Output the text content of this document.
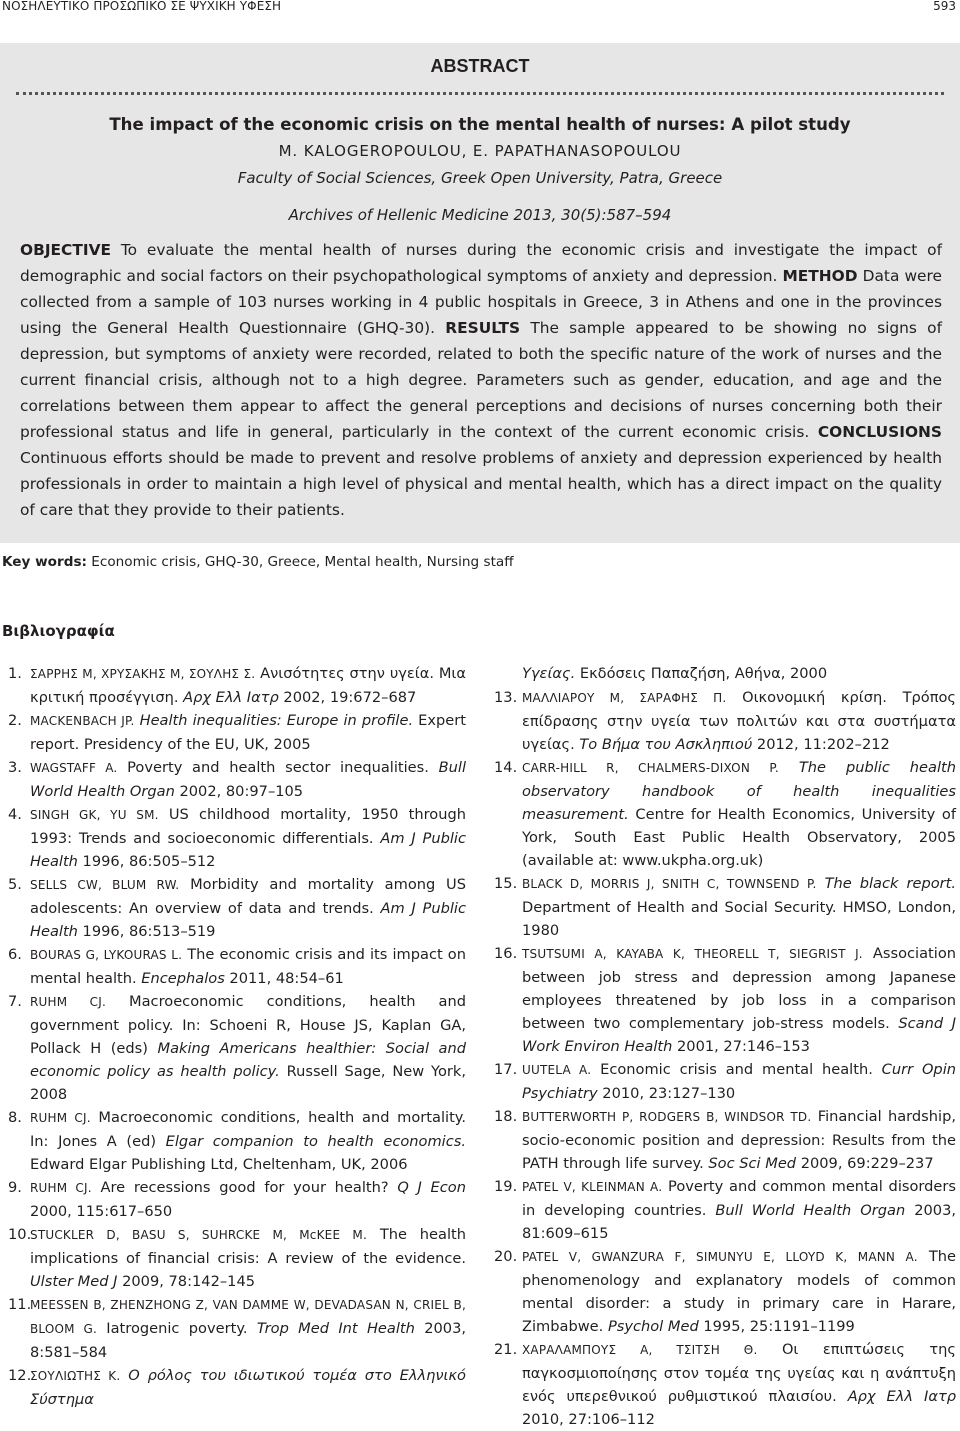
ΝΟΣΗΛΕΥΤΙΚΟ ΠΡΟΣΩΠΙΚΟ ΣΕ ΨΥΧΙΚΗ ΥΦΕΣΗ	593
ABSTRACT
The impact of the economic crisis on the mental health of nurses: A pilot study
M. KALOGEROPOULOU, E. PAPATHANASOPOULOU
Faculty of Social Sciences, Greek Open University, Patra, Greece
Archives of Hellenic Medicine 2013, 30(5):587–594

OBJECTIVE To evaluate the mental health of nurses during the economic crisis and investigate the impact of demographic and social factors on their psychopathological symptoms of anxiety and depression. METHOD Data were collected from a sample of 103 nurses working in 4 public hospitals in Greece, 3 in Athens and one in the provinces using the General Health Questionnaire (GHQ-30). RESULTS The sample appeared to be showing no signs of depression, but symptoms of anxiety were recorded, related to both the specific nature of the work of nurses and the current financial crisis, although not to a high degree. Parameters such as gender, education, and age and the correlations between them appear to affect the general perceptions and decisions of nurses concerning both their professional status and life in general, particularly in the context of the current economic crisis. CONCLUSIONS Continuous efforts should be made to prevent and resolve problems of anxiety and depression experienced by health professionals in order to maintain a high level of physical and mental health, which has a direct impact on the quality of care that they provide to their patients.

Key words: Economic crisis, GHQ-30, Greece, Mental health, Nursing staff
Βιβλιογραφία
1. ΣΑΡΡΗΣ Μ, ΧΡΥΣΑΚΗΣ Μ, ΣΟΥΛΗΣ Σ. Ανισότητες στην υγεία. Μια κριτική προσέγγιση. Αρχ Ελλ Ιατρ 2002, 19:672–687
2. MACKENBACH JP. Health inequalities: Europe in profile. Expert report. Presidency of the EU, UK, 2005
3. WAGSTAFF A. Poverty and health sector inequalities. Bull World Health Organ 2002, 80:97–105
4. SINGH GK, YU SM. US childhood mortality, 1950 through 1993: Trends and socioeconomic differentials. Am J Public Health 1996, 86:505–512
5. SELLS CW, BLUM RW. Morbidity and mortality among US adolescents: An overview of data and trends. Am J Public Health 1996, 86:513–519
6. BOURAS G, LYKOURAS L. The economic crisis and its impact on mental health. Encephalos 2011, 48:54–61
7. RUHM CJ. Macroeconomic conditions, health and government policy. In: Schoeni R, House JS, Kaplan GA, Pollack H (eds) Making Americans healthier: Social and economic policy as health policy. Russell Sage, New York, 2008
8. RUHM CJ. Macroeconomic conditions, health and mortality. In: Jones A (ed) Elgar companion to health economics. Edward Elgar Publishing Ltd, Cheltenham, UK, 2006
9. RUHM CJ. Are recessions good for your health? Q J Econ 2000, 115:617–650
10.
STUCKLER D, BASU S, SUHRCKE M, McKEE M. The health implications of financial crisis: A review of the evidence. Ulster Med J 2009, 78:142–145
11.
MEESSEN B, ZHENZHONG Z, VAN DAMME W, DEVADASAN N, CRIEL B, BLOOM G. Iatrogenic poverty. Trop Med Int Health 2003, 8:581–584
12.
ΣΟΥΛΙΩΤΗΣ Κ. Ο ρόλος του ιδιωτικού τομέα στο Ελληνικό Σύστημα
Υγείας. Εκδόσεις Παπαζήση, Αθήνα, 2000
13. ΜΑΛΛΙΑΡΟΥ Μ, ΣΑΡΑΦΗΣ Π. Οικονομική κρίση. Τρόπος επίδρασης στην υγεία των πολιτών και στα συστήματα υγείας. Το Βήμα του Ασκληπιού 2012, 11:202–212
14. CARR-HILL R, CHALMERS-DIXON P. The public health observatory handbook of health inequalities measurement. Centre for Health Economics, University of York, South East Public Health Observatory, 2005 (available at: www.ukpha.org.uk)
15. BLACK D, MORRIS J, SNITH C, TOWNSEND P. The black report. Department of Health and Social Security. HMSO, London, 1980
16. TSUTSUMI A, KAYABA K, THEORELL T, SIEGRIST J. Association between job stress and depression among Japanese employees threatened by job loss in a comparison between two complementary job-stress models. Scand J Work Environ Health 2001, 27:146–153
17. UUTELA A. Economic crisis and mental health. Curr Opin Psychiatry 2010, 23:127–130
18. BUTTERWORTH P, RODGERS B, WINDSOR TD. Financial hardship, socio-economic position and depression: Results from the PATH through life survey. Soc Sci Med 2009, 69:229–237
19. PATEL V, KLEINMAN A. Poverty and common mental disorders in developing countries. Bull World Health Organ 2003, 81:609–615
20. PATEL V, GWANZURA F, SIMUNYU E, LLOYD K, MANN A. The phenomenology and explanatory models of common mental disorder: a study in primary care in Harare, Zimbabwe. Psychol Med 1995, 25:1191–1199
21. ΧΑΡΑΛΑΜΠΟΥΣ Α, ΤΣΙΤΣΗ Θ. Οι επιπτώσεις της παγκοσμιοποίησης στον τομέα της υγείας και η ανάπτυξη ενός υπερεθνικού ρυθμιστικού πλαισίου. Αρχ Ελλ Ιατρ 2010, 27:106–112
